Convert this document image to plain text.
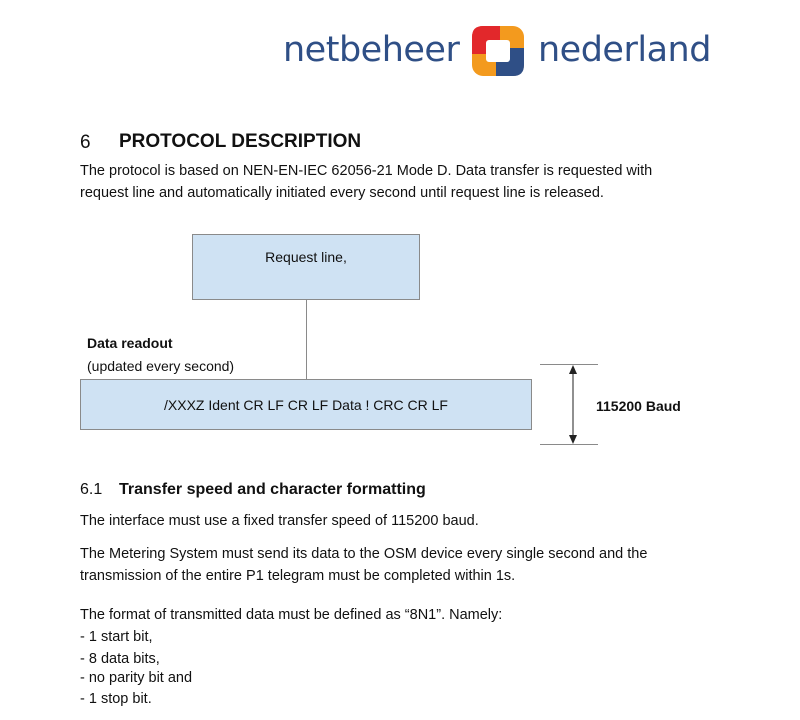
netbeheer nederland
6 PROTOCOL DESCRIPTION
The protocol is based on NEN-EN-IEC 62056-21 Mode D. Data transfer is requested with
request line and automatically initiated every second until request line is released.
Request line,
Data readout
(updated every second)
/XXXZ Ident CR LF CR LF Data ! CRC CR LF	115200 Baud
6.1 Transfer speed and character formatting
The interface must use a fixed transfer speed of 115200 baud.
The Metering System must send its data to the OSM device every single second and the
transmission of the entire P1 telegram must be completed within 1s.
The format of transmitted data must be defined as “8N1”. Namely:
- 1 start bit,
- 8 data bits,
- no parity bit and
- 1 stop bit.
